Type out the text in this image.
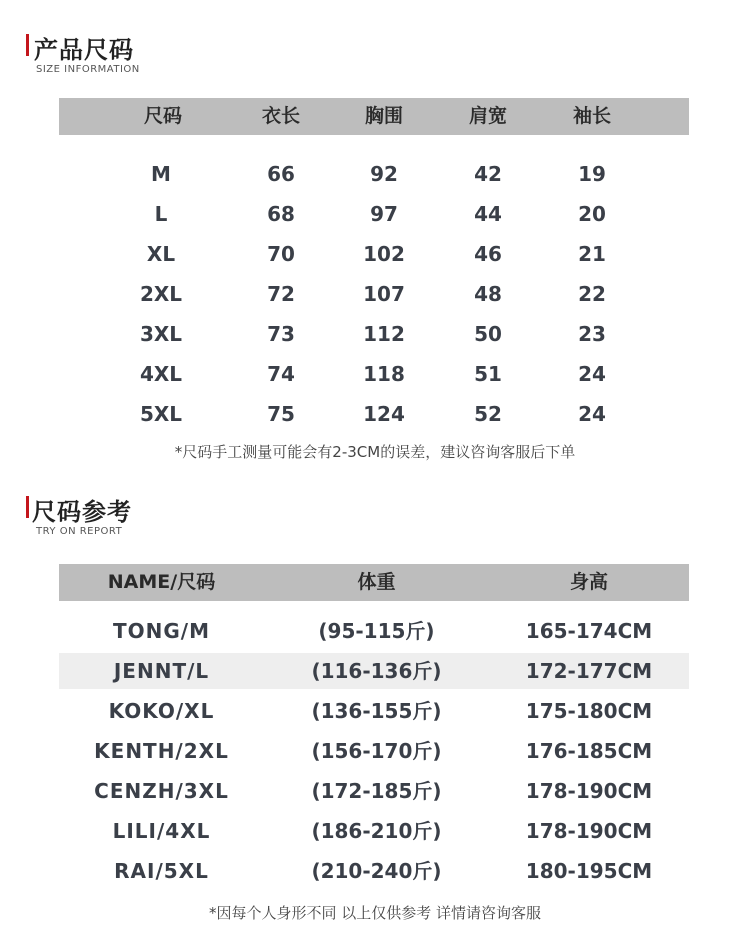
产品尺码
SIZE INFORMATION
尺码	衣长	胸围	肩宽	袖长
M	66	92	42	19
L	68	97	44	20
XL	70	102	46	21
2XL	72	107	48	22
3XL	73	112	50	23
4XL	74	118	51	24
5XL	75	124	52	24
*尺码手工测量可能会有2-3CM的误差，建议咨询客服后下单
尺码参考
TRY ON REPORT
NAME/尺码	体重	身高
TONG/M	(95-115斤)	165-174CM
JENNT/L	(116-136斤)	172-177CM
KOKO/XL	(136-155斤)	175-180CM
KENTH/2XL	(156-170斤)	176-185CM
CENZH/3XL	(172-185斤)	178-190CM
LILI/4XL	(186-210斤)	178-190CM
RAI/5XL	(210-240斤)	180-195CM
*因每个人身形不同 以上仅供参考 详情请咨询客服
